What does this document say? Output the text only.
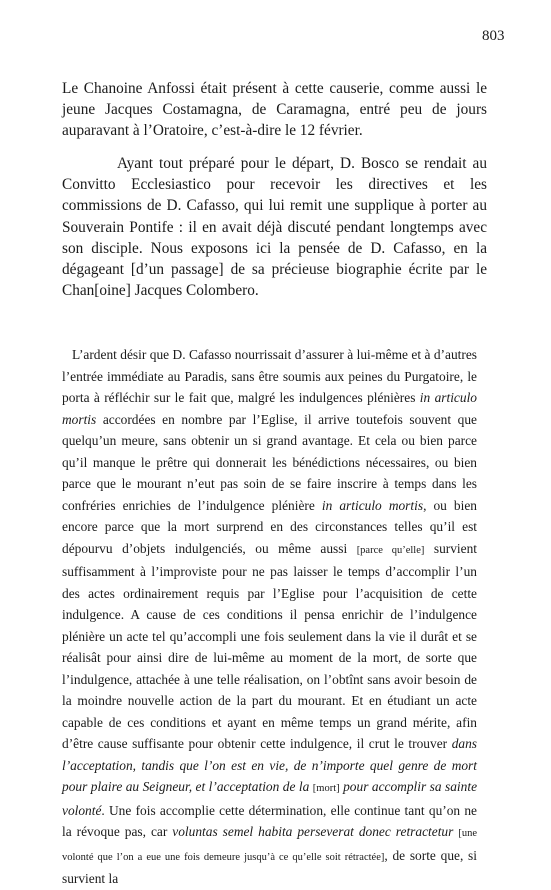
803

Le Chanoine Anfossi était présent à cette causerie, comme aussi le jeune Jacques Costamagna, de Caramagna, entré peu de jours auparavant à l’Oratoire, c’est-à-dire le 12 février.

Ayant tout préparé pour le départ, D. Bosco se rendait au Convitto Ecclesiastico pour recevoir les directives et les commissions de D. Cafasso, qui lui remit une supplique à porter au Souverain Pontife : il en avait déjà discuté pendant longtemps avec son disciple. Nous exposons ici la pensée de D. Cafasso, en la dégageant [d’un passage] de sa précieuse biographie écrite par le Chan[oine] Jacques Colombero.

L’ardent désir que D. Cafasso nourrissait d’assurer à lui-même et à d’autres l’entrée immédiate au Paradis, sans être soumis aux peines du Purgatoire, le porta à réfléchir sur le fait que, malgré les indulgences plénières in articulo mortis accordées en nombre par l’Eglise, il arrive toutefois souvent que quelqu’un meure, sans obtenir un si grand avantage. Et cela ou bien parce qu’il manque le prêtre qui donnerait les bénédictions nécessaires, ou bien parce que le mourant n’eut pas soin de se faire inscrire à temps dans les confréries enrichies de l’indulgence plénière in articulo mortis, ou bien encore parce que la mort surprend en des circonstances telles qu’il est dépourvu d’objets indulgenciés, ou même aussi [parce qu’elle] survient suffisamment à l’improviste pour ne pas laisser le temps d’accomplir l’un des actes ordinairement requis par l’Eglise pour l’acquisition de cette indulgence. A cause de ces conditions il pensa enrichir de l’indulgence plénière un acte tel qu’accompli une fois seulement dans la vie il durât et se réalisât pour ainsi dire de lui-même au moment de la mort, de sorte que l’indulgence, attachée à une telle réalisation, on l’obtînt sans avoir besoin de la moindre nouvelle action de la part du mourant. Et en étudiant un acte capable de ces conditions et ayant en même temps un grand mérite, afin d’être cause suffisante pour obtenir cette indulgence, il crut le trouver dans l’acceptation, tandis que l’on est en vie, de n’importe quel genre de mort pour plaire au Seigneur, et l’acceptation de la [mort] pour accomplir sa sainte volonté. Une fois accomplie cette détermination, elle continue tant qu’on ne la révoque pas, car voluntas semel habita perseverat donec retractetur [une volonté que l’on a eue une fois demeure jusqu’à ce qu’elle soit rétractée], de sorte que, si survient la
